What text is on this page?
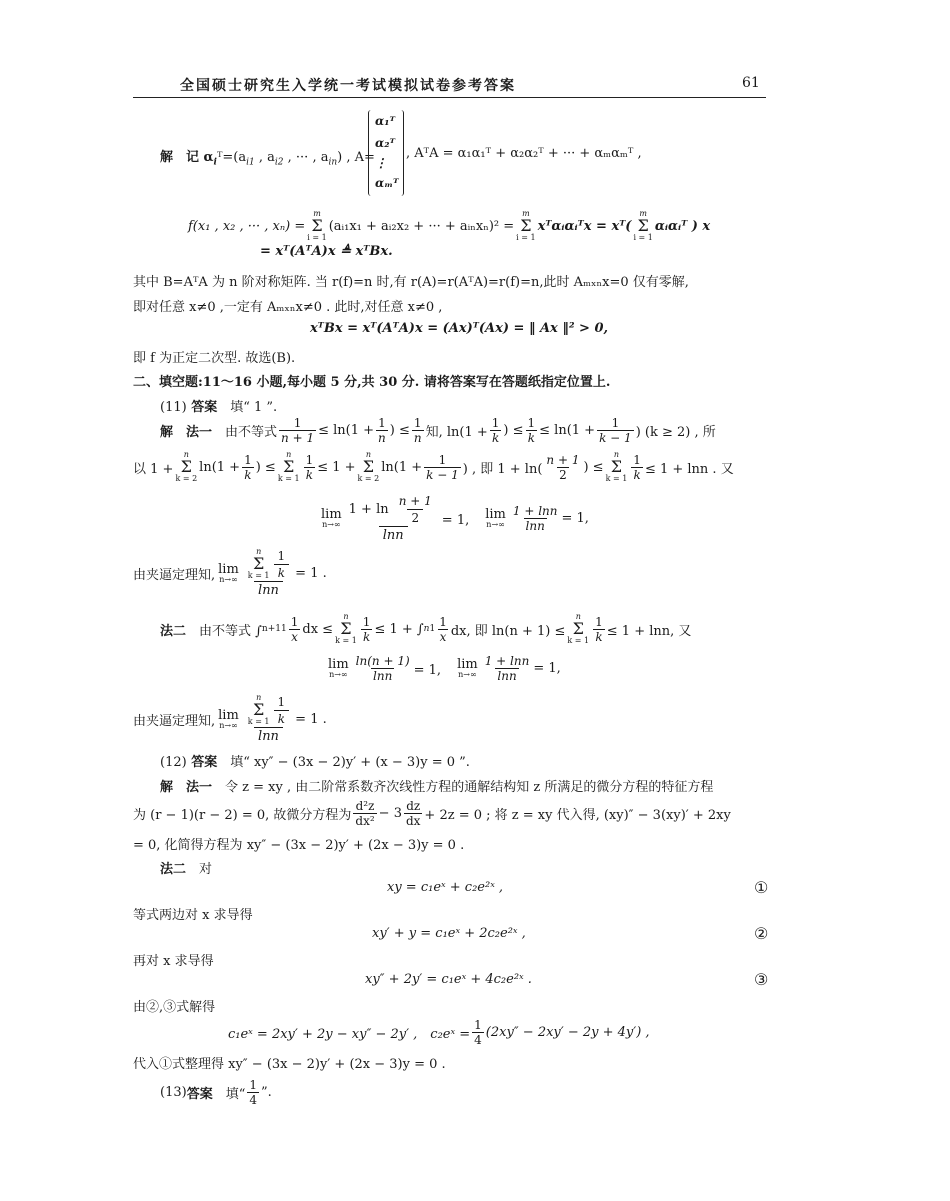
全国硕士研究生入学统一考试模拟试卷参考答案	61
解　记 $\alpha_iᵀ=(a_{i1}$ , $a_{i2}$ , ··· , $a_{in}$) , A=
α₁ᵀ
α₂ᵀ
⋮
αₘᵀ
, AᵀA = α₁α₁ᵀ + α₂α₂ᵀ + ··· + αₘαₘᵀ ,
f(x₁ , x₂ , ··· , xₙ) =
m
Σ
i = 1
(aᵢ₁x₁ + aᵢ₂x₂ + ··· + aᵢₙxₙ)² =
m
Σ
i = 1
xᵀαᵢαᵢᵀx = xᵀ(
m
Σ
i = 1
αᵢαᵢᵀ ) x
= xᵀ(AᵀA)x ≜ xᵀBx.
其中 B=AᵀA 为 n 阶对称矩阵. 当 r(f)=n 时,有 r(A)=r(AᵀA)=r(f)=n,此时 Aₘₓₙx=0 仅有零解,
即对任意 x≠0 ,一定有 Aₘₓₙx≠0 . 此时,对任意 x≠0 ,
xᵀBx = xᵀ(AᵀA)x = (Ax)ᵀ(Ax) = ‖ Ax ‖² > 0,
即 f 为正定二次型. 故选(B).
二、填空题:11～16 小题,每小题 5 分,共 30 分. 请将答案写在答题纸指定位置上.
(11) 答案　填“ 1 ”.
解　法一 　由不等式 $\frac{1}{n + 1} \le \ln(1 + \frac{1}{n}$ ) ≤ $\frac{1}{n}$ 知, $\ln(1 + \frac{1}{k}$ ) ≤ $\frac{1}{k} \le \ln(1 + \frac{1}{k - 1}$ ) (k ≥ 2) , 所
以 1 +
n
Σ
k = 2
$\ln(1 + \frac{1}{k}$ ) ≤
n
Σ
$k = 1 \frac{1}{k} \le 1$ +
n
Σ
k = 2
$\ln(1 + \frac{1}{k - 1}$ ) , 即 $1 + \ln( \frac{n + 1}{2}$ ) ≤
n
Σ
$k = 1 \frac{1}{k} \le 1 + \ln n$ . 又
lim
$n\to\infty \frac{1 + \ln \frac{n + 1}{2}}{\ln n} = 1$,　 lim
$n\to\infty \frac{1 + \ln n}{\ln n} = 1$,
由夹逼定理知, lim
n→∞
n
Σ
$k = 1 \frac{1}{k}$
lnn
= 1 .
法二 　由不等式 ∫ n+1 $1 \frac{1}{x}$ dx ≤
n
Σ
$k = 1 \frac{1}{k} \le 1$ + ∫ n $1 \frac{1}{x}$ dx, 即 ln(n + 1) ≤
n
Σ
$k = 1 \frac{1}{k} \le 1 + \ln n$, 又
lim
$n\to\infty \frac{\ln(n + 1)}{\ln n} = 1$,　 lim
$n\to\infty \frac{1 + \ln n}{\ln n} = 1$,
由夹逼定理知, lim
n→∞
n
Σ
$k = 1 \frac{1}{k}$
lnn
= 1 .
(12) 答案　填“ xy″ − (3x − 2)y′ + (x − 3)y = 0 ”.
解　法一　令 z = xy , 由二阶常系数齐次线性方程的通解结构知 z 所满足的微分方程的特征方程
为 (r − 1)(r − 2) = 0, 故微分方程为 $\frac{\text{d²z}}{\text{dx²}} - 3 \frac{dz}{dx} + 2z = 0$ ; 将 z = xy 代入得, (xy)″ − 3(xy)′ + 2xy
= 0, 化简得方程为 xy″ − (3x − 2)y′ + (2x − 3)y = 0 .
法二　对
xy = c₁eˣ + c₂e²ˣ ,	①
等式两边对 x 求导得
xy′ + y = c₁eˣ + 2c₂e²ˣ ,	②
再对 x 求导得
xy″ + 2y′ = c₁eˣ + 4c₂e²ˣ .	③
由②,③式解得
c₁eˣ = 2xy′ + 2y − xy″ − 2y′ ,　c₂eˣ = $\frac{1}{4} (2xy'' - 2xy' - 2y + 4y')$ ,
代入①式整理得 xy″ − (3x − 2)y′ + (2x − 3)y = 0 .
(13) 答案　 填“ $\frac{1}{4}$ ”.
